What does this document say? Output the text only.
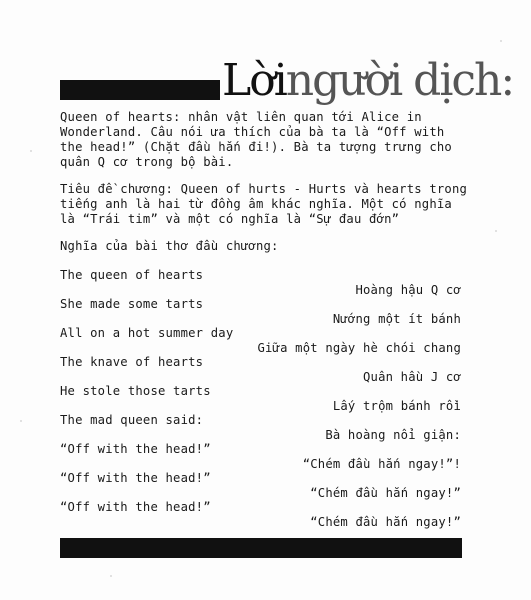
Lờingười dịch:
Queen of hearts: nhân vật liên quan tới Alice in Wonderland. Câu nói ưa thích của bà ta là “Off with the head!” (Chặt đầu hắn đi!). Bà ta tượng trưng cho quân Q cơ trong bộ bài.
Tiêu đề chương: Queen of hurts - Hurts và hearts trong tiếng anh là hai từ đồng âm khác nghĩa. Một có nghĩa là “Trái tim” và một có nghĩa là “Sự đau đớn”
Nghĩa của bài thơ đầu chương:
The queen of hearts
She made some tarts
All on a hot summer day
The knave of hearts
He stole those tarts
The mad queen said:
“Off with the head!”
“Off with the head!”
“Off with the head!”
Hoàng hậu Q cơ
Nướng một ít bánh
Giữa một ngày hè chói chang
Quân hầu J cơ
Lấy trộm bánh rồi
Bà hoàng nổi giận:
“Chém đầu hắn ngay!”!
“Chém đầu hắn ngay!”
“Chém đầu hắn ngay!”
